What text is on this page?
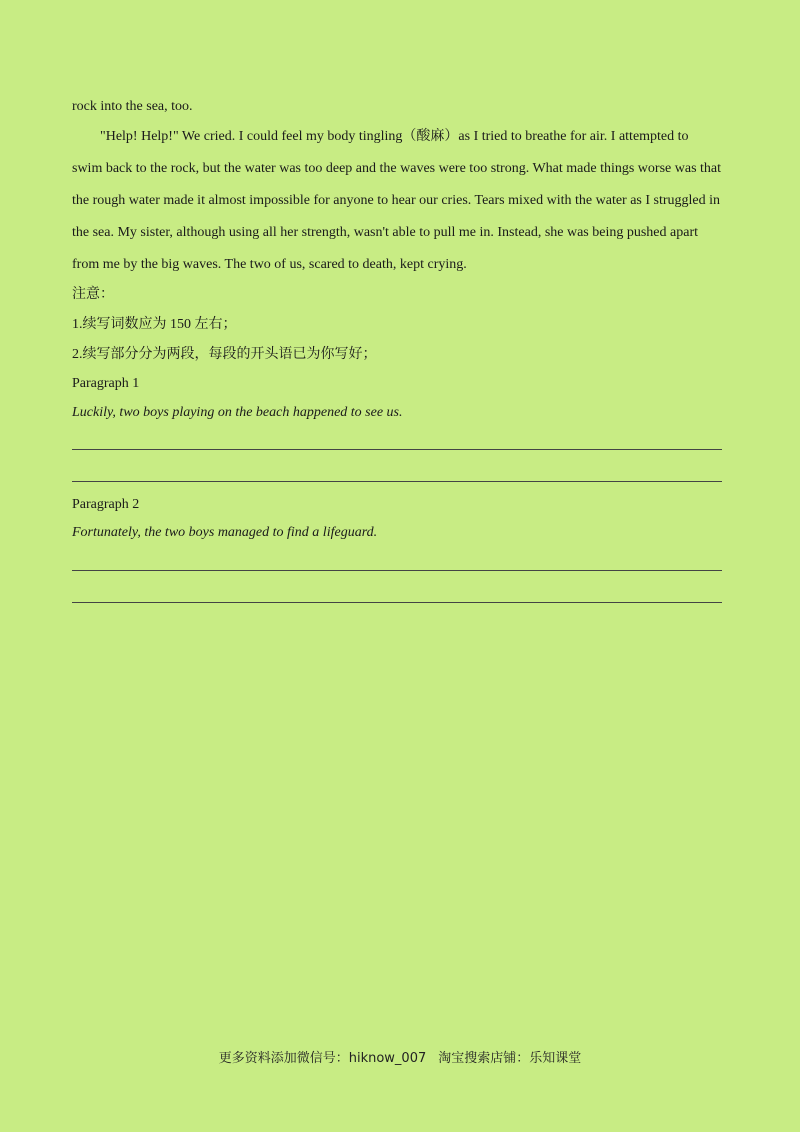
rock into the sea, too.
"Help! Help!" We cried. I could feel my body tingling（酸麻）as I tried to breathe for air. I attempted to
swim back to the rock, but the water was too deep and the waves were too strong. What made things worse was that
the rough water made it almost impossible for anyone to hear our cries. Tears mixed with the water as I struggled in
the sea. My sister, although using all her strength, wasn't able to pull me in. Instead, she was being pushed apart
from me by the big waves. The two of us, scared to death, kept crying.
注意：
1.续写词数应为 150 左右；
2.续写部分分为两段，每段的开头语已为你写好；
Paragraph 1
Luckily, two boys playing on the beach happened to see us.
Paragraph 2
Fortunately, the two boys managed to find a lifeguard.
更多资料添加微信号：hiknow_007 淘宝搜索店铺：乐知课堂
